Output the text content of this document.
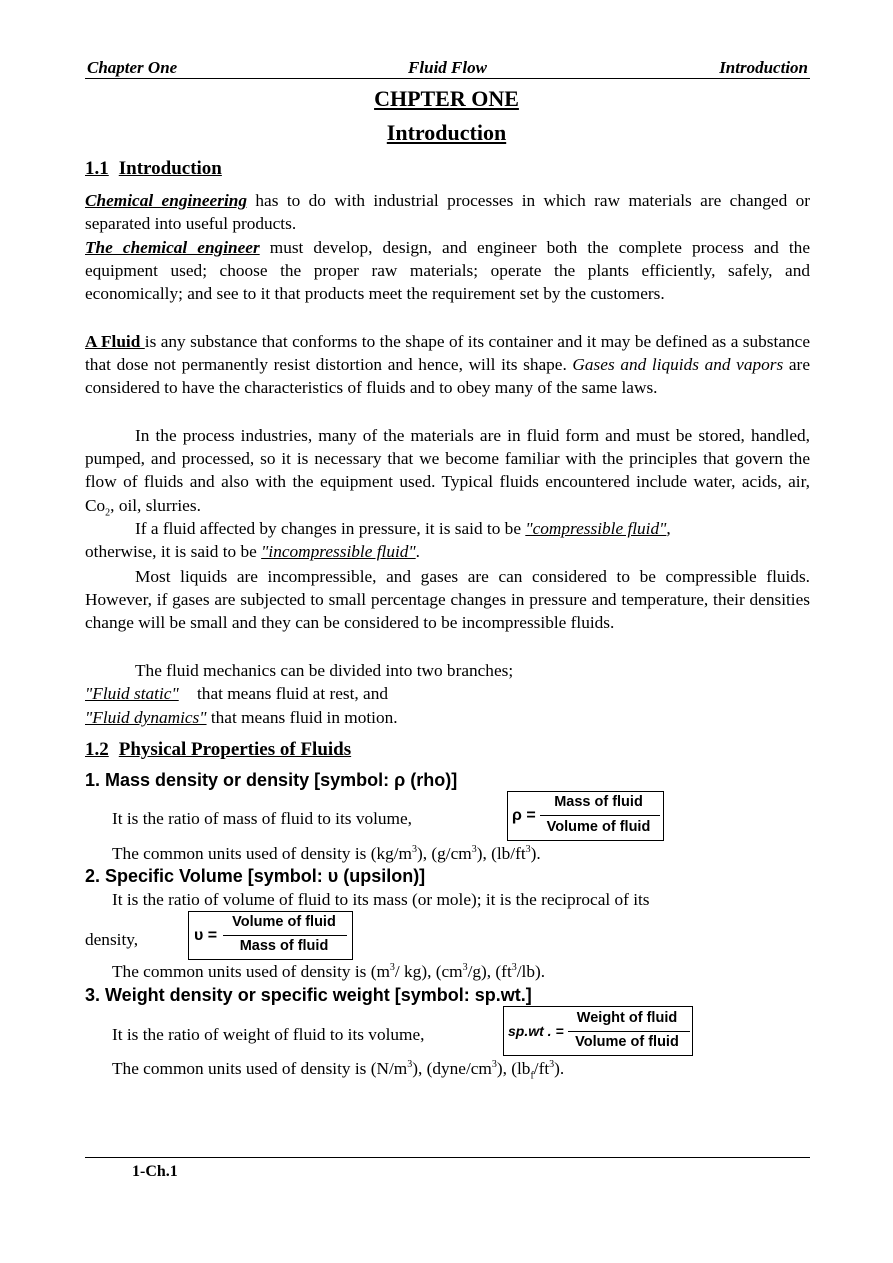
Chapter One	Fluid Flow	Introduction
CHPTER ONE
Introduction
1.1 Introduction
Chemical engineering has to do with industrial processes in which raw materials are changed or separated into useful products.
The chemical engineer must develop, design, and engineer both the complete process and the equipment used; choose the proper raw materials; operate the plants efficiently, safely, and economically; and see to it that products meet the requirement set by the customers.
A Fluid is any substance that conforms to the shape of its container and it may be defined as a substance that dose not permanently resist distortion and hence, will its shape. Gases and liquids and vapors are considered to have the characteristics of fluids and to obey many of the same laws.
In the process industries, many of the materials are in fluid form and must be stored, handled, pumped, and processed, so it is necessary that we become familiar with the principles that govern the flow of fluids and also with the equipment used. Typical fluids encountered include water, acids, air, $Co_2$, oil, slurries.
If a fluid affected by changes in pressure, it is said to be "compressible fluid",
otherwise, it is said to be "incompressible fluid".
Most liquids are incompressible, and gases are can considered to be compressible fluids. However, if gases are subjected to small percentage changes in pressure and temperature, their densities change will be small and they can be considered to be incompressible fluids.
The fluid mechanics can be divided into two branches;
"Fluid static" that means fluid at rest, and
"Fluid dynamics" that means fluid in motion.
1.2 Physical Properties of Fluids
1. Mass density or density [symbol: ρ (rho)]
It is the ratio of mass of fluid to its volume,	ρ =
Mass of fluid
Volume of fluid
The common units used of density is $(kg/m^3)$, $(g/cm^3)$, $(lb/ft^3)$.
2. Specific Volume [symbol: υ (upsilon)]
It is the ratio of volume of fluid to its mass (or mole); it is the reciprocal of its
density,	υ =
Volume of fluid
Mass of fluid
The common units used of density is ($m^3/$ kg), $(cm^3/g)$, $(ft^3/lb)$.
3. Weight density or specific weight [symbol: sp.wt.]
It is the ratio of weight of fluid to its volume,	sp.wt . =
Weight of fluid
Volume of fluid
The common units used of density is $(N/m^3)$, $(dyne/cm^3)$, $(lb_f/ft^3)$.
1-Ch.1
